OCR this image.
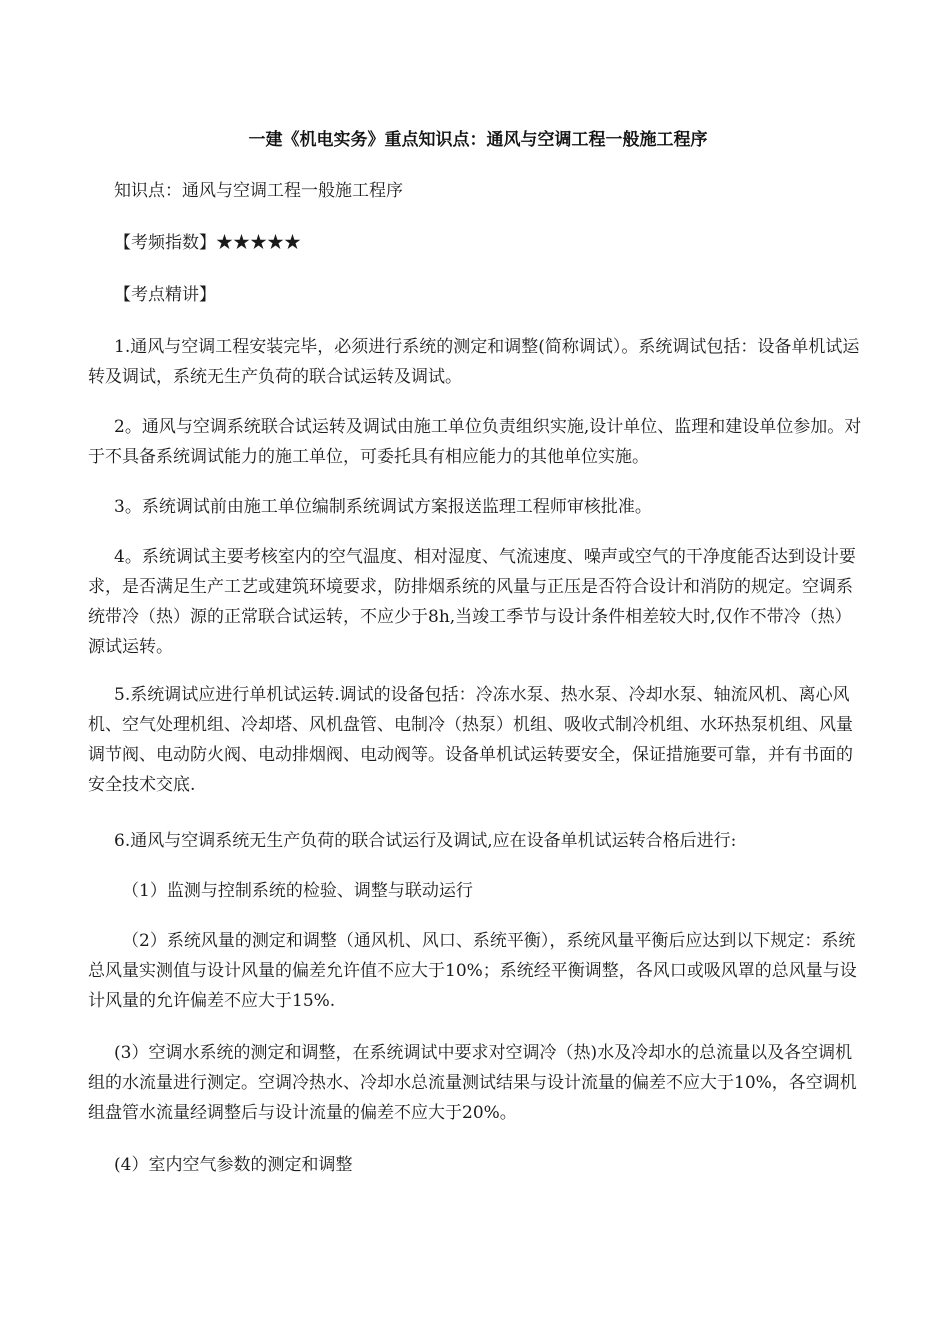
一建《机电实务》重点知识点：通风与空调工程一般施工程序
知识点：通风与空调工程一般施工程序
【考频指数】★★★★★
【考点精讲】
1.通风与空调工程安装完毕，必须进行系统的测定和调整(简称调试）。系统调试包括：设备单机试运转及调试，系统无生产负荷的联合试运转及调试。
2。通风与空调系统联合试运转及调试由施工单位负责组织实施,设计单位、监理和建设单位参加。对于不具备系统调试能力的施工单位，可委托具有相应能力的其他单位实施。
3。系统调试前由施工单位编制系统调试方案报送监理工程师审核批准。
4。系统调试主要考核室内的空气温度、相对湿度、气流速度、噪声或空气的干净度能否达到设计要求，是否满足生产工艺或建筑环境要求，防排烟系统的风量与正压是否符合设计和消防的规定。空调系统带冷（热）源的正常联合试运转，不应少于8h,当竣工季节与设计条件相差较大时,仅作不带冷（热）源试运转。
5.系统调试应进行单机试运转.调试的设备包括：冷冻水泵、热水泵、冷却水泵、轴流风机、离心风机、空气处理机组、冷却塔、风机盘管、电制冷（热泵）机组、吸收式制冷机组、水环热泵机组、风量调节阀、电动防火阀、电动排烟阀、电动阀等。设备单机试运转要安全，保证措施要可靠，并有书面的安全技术交底.
6.通风与空调系统无生产负荷的联合试运行及调试,应在设备单机试运转合格后进行:
（1）监测与控制系统的检验、调整与联动运行
（2）系统风量的测定和调整（通风机、风口、系统平衡），系统风量平衡后应达到以下规定：系统总风量实测值与设计风量的偏差允许值不应大于10%；系统经平衡调整，各风口或吸风罩的总风量与设计风量的允许偏差不应大于15%.
(3）空调水系统的测定和调整，在系统调试中要求对空调冷（热)水及冷却水的总流量以及各空调机组的水流量进行测定。空调冷热水、冷却水总流量测试结果与设计流量的偏差不应大于10%，各空调机组盘管水流量经调整后与设计流量的偏差不应大于20%。
(4）室内空气参数的测定和调整
